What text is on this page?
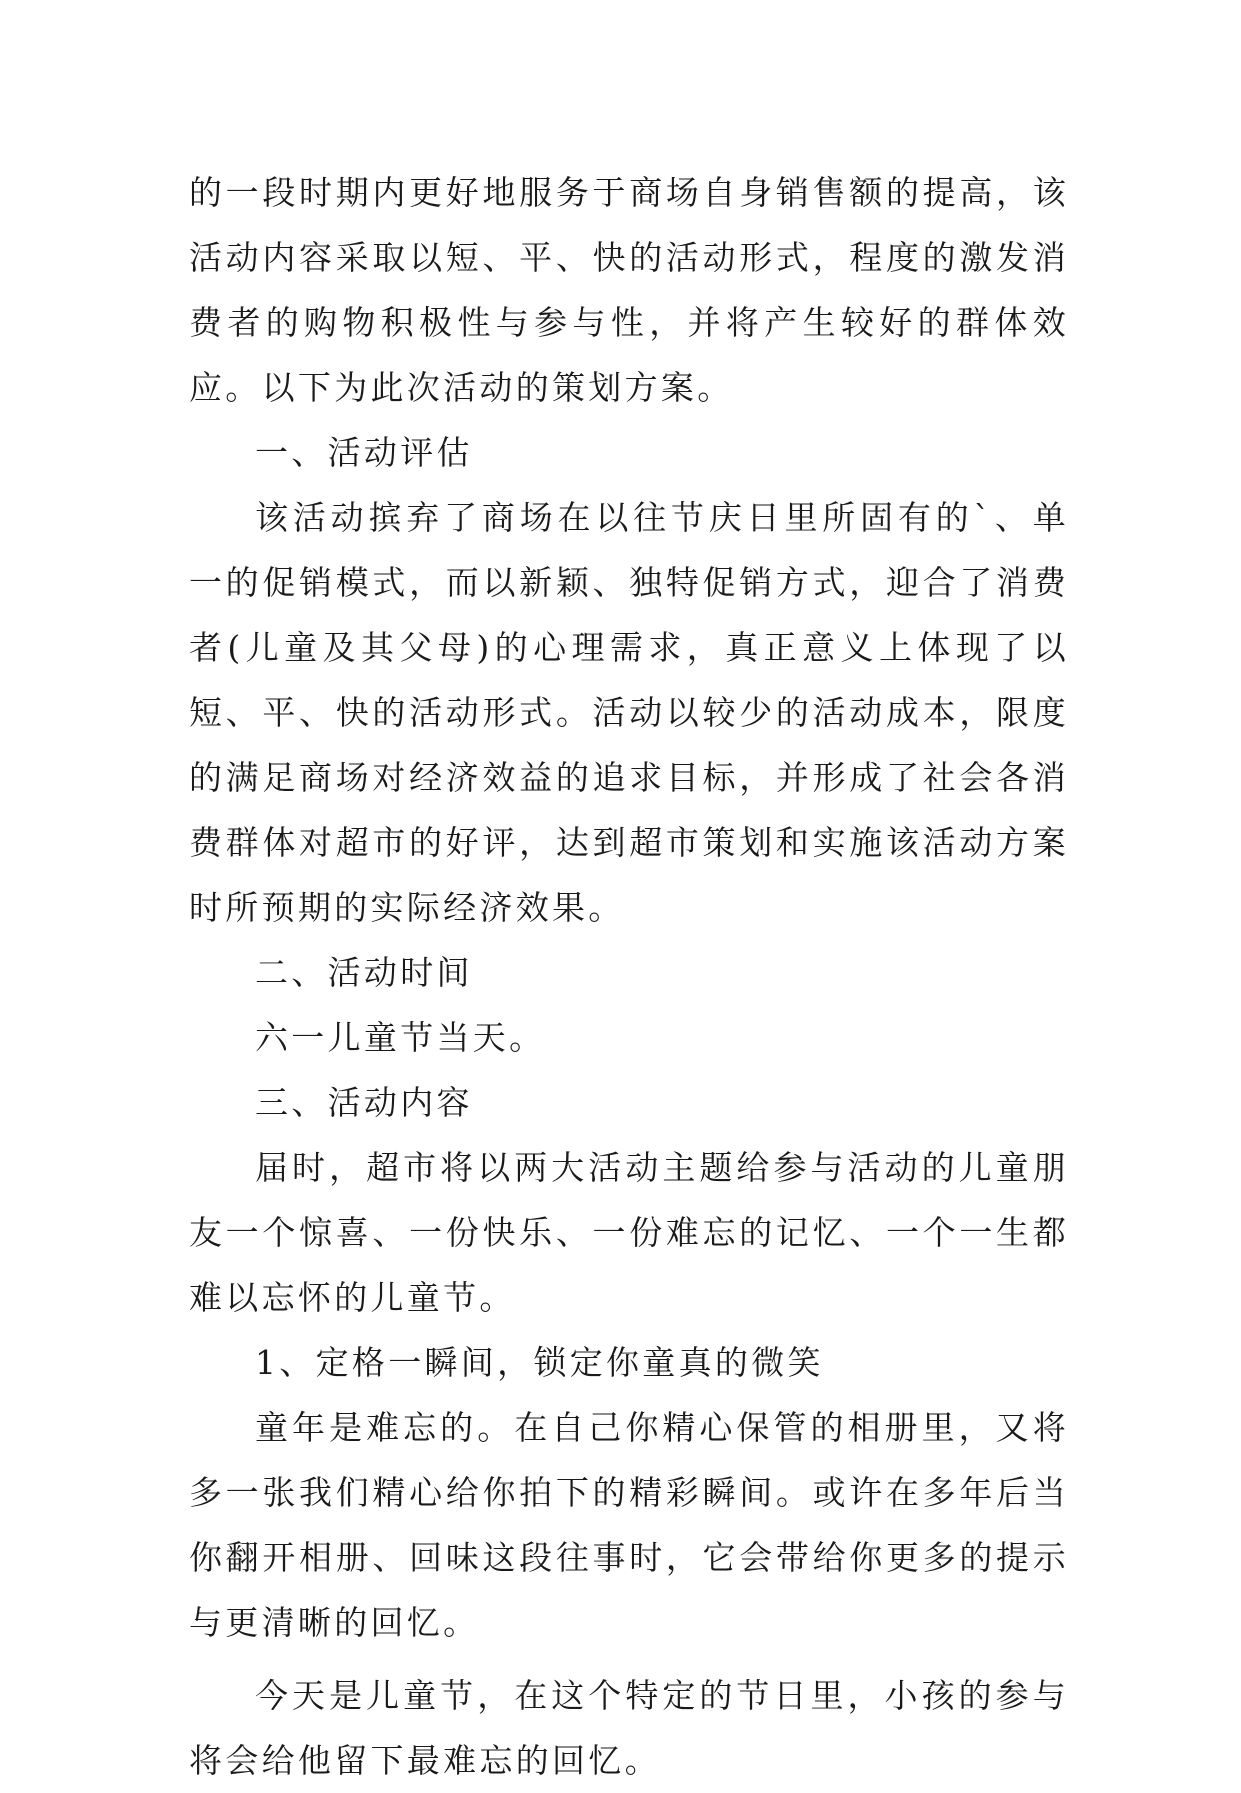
的一段时期内更好地服务于商场自身销售额的提高，该活动内容采取以短、平、快的活动形式，程度的激发消费者的购物积极性与参与性，并将产生较好的群体效应。以下为此次活动的策划方案。

一、活动评估

该活动摈弃了商场在以往节庆日里所固有的`、单一的促销模式，而以新颖、独特促销方式，迎合了消费者(儿童及其父母)的心理需求，真正意义上体现了以短、平、快的活动形式。活动以较少的活动成本，限度的满足商场对经济效益的追求目标，并形成了社会各消费群体对超市的好评，达到超市策划和实施该活动方案时所预期的实际经济效果。

二、活动时间

六一儿童节当天。

三、活动内容

届时，超市将以两大活动主题给参与活动的儿童朋友一个惊喜、一份快乐、一份难忘的记忆、一个一生都难以忘怀的儿童节。

1、定格一瞬间，锁定你童真的微笑

童年是难忘的。在自己你精心保管的相册里，又将多一张我们精心给你拍下的精彩瞬间。或许在多年后当你翻开相册、回味这段往事时，它会带给你更多的提示与更清晰的回忆。

今天是儿童节，在这个特定的节日里，小孩的参与将会给他留下最难忘的回忆。
